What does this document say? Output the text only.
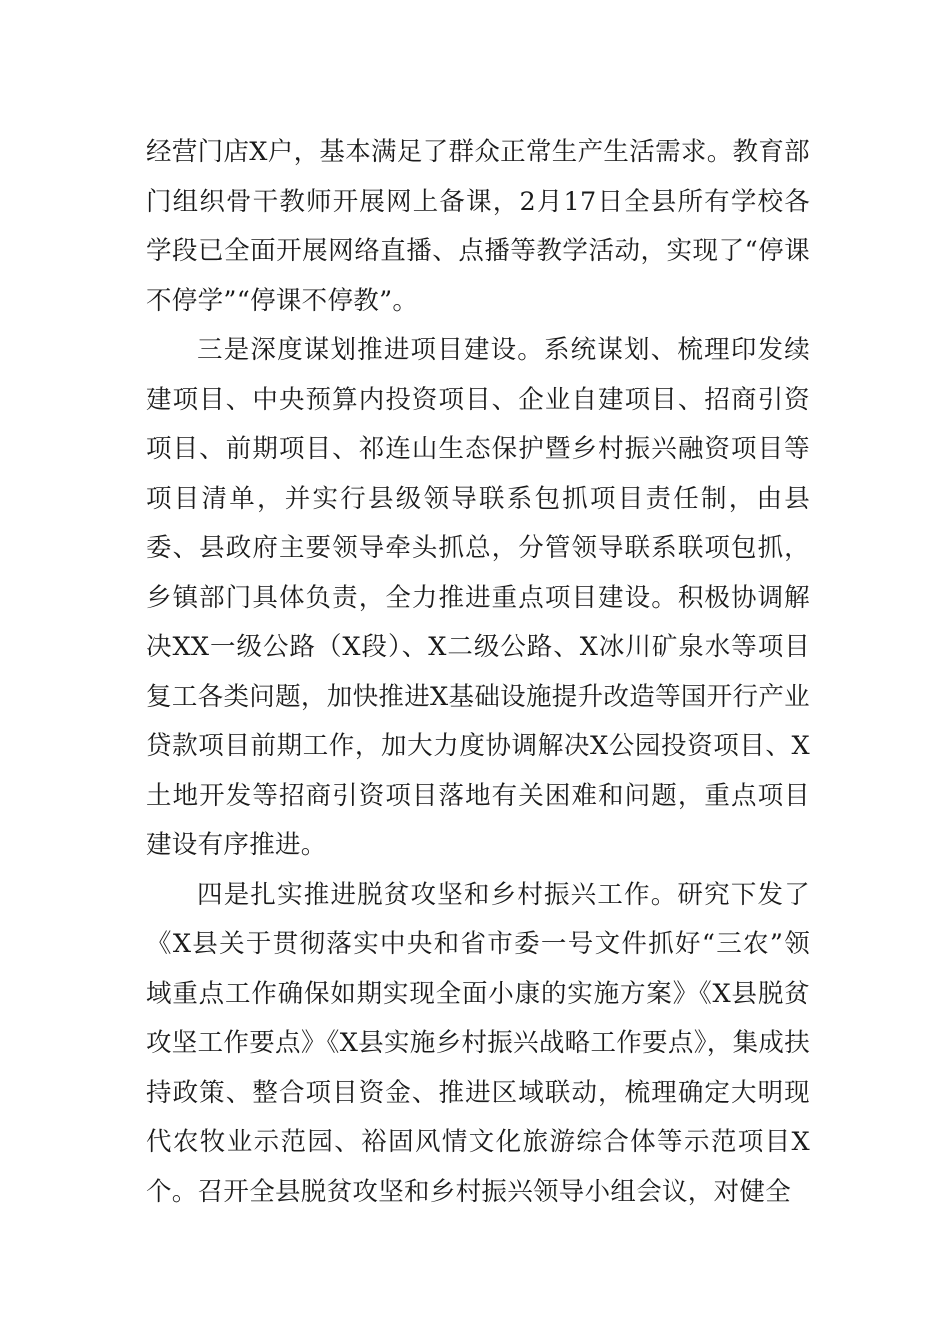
经营门店X户，基本满足了群众正常生产生活需求。教育部门组织骨干教师开展网上备课，2月17日全县所有学校各学段已全面开展网络直播、点播等教学活动，实现了“停课不停学”“停课不停教”。

三是深度谋划推进项目建设。系统谋划、梳理印发续建项目、中央预算内投资项目、企业自建项目、招商引资项目、前期项目、祁连山生态保护暨乡村振兴融资项目等项目清单，并实行县级领导联系包抓项目责任制，由县委、县政府主要领导牵头抓总，分管领导联系联项包抓，乡镇部门具体负责，全力推进重点项目建设。积极协调解决XX一级公路（X段）、X二级公路、X冰川矿泉水等项目复工各类问题，加快推进X基础设施提升改造等国开行产业贷款项目前期工作，加大力度协调解决X公园投资项目、X土地开发等招商引资项目落地有关困难和问题，重点项目建设有序推进。

四是扎实推进脱贫攻坚和乡村振兴工作。研究下发了《X县关于贯彻落实中央和省市委一号文件抓好“三农”领域重点工作确保如期实现全面小康的实施方案》《X县脱贫攻坚工作要点》《X县实施乡村振兴战略工作要点》，集成扶持政策、整合项目资金、推进区域联动，梳理确定大明现代农牧业示范园、裕固风情文化旅游综合体等示范项目X个。召开全县脱贫攻坚和乡村振兴领导小组会议，对健全
